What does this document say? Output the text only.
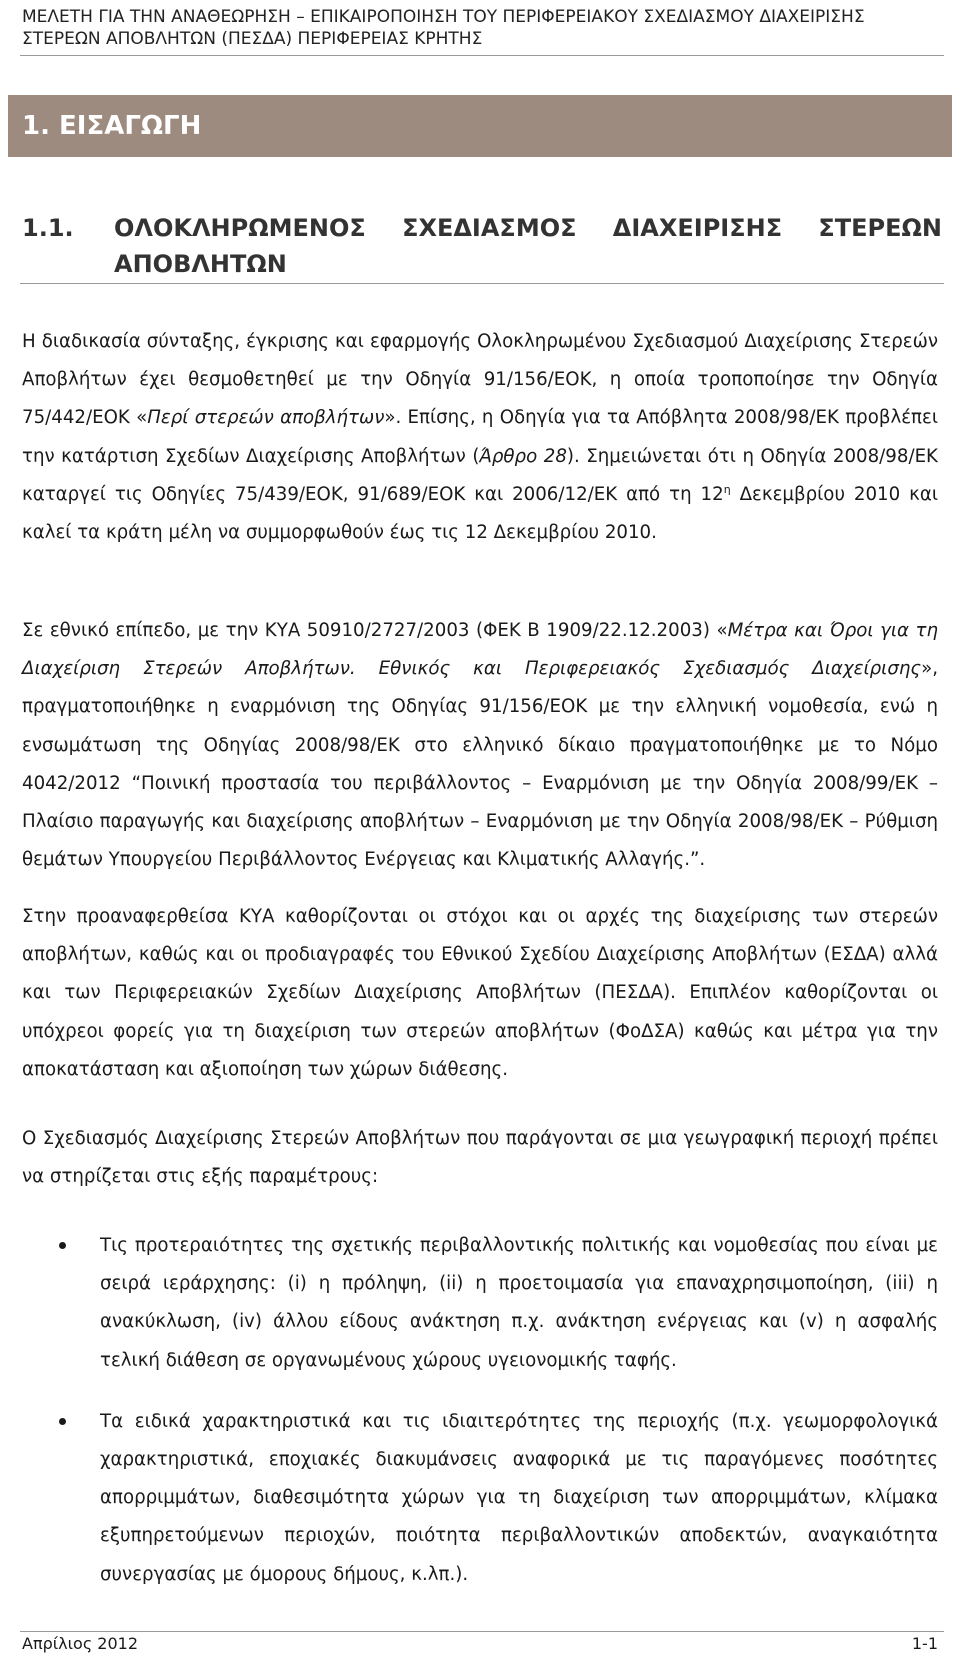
ΜΕΛΕΤΗ ΓΙΑ ΤΗΝ ΑΝΑΘΕΩΡΗΣΗ – ΕΠΙΚΑΙΡΟΠΟΙΗΣΗ ΤΟΥ ΠΕΡΙΦΕΡΕΙΑΚΟΥ ΣΧΕΔΙΑΣΜΟΥ ΔΙΑΧΕΙΡΙΣΗΣ ΣΤΕΡΕΩΝ ΑΠΟΒΛΗΤΩΝ (ΠΕΣΔΑ) ΠΕΡΙΦΕΡΕΙΑΣ ΚΡΗΤΗΣ
1. ΕΙΣΑΓΩΓΗ
1.1. ΟΛΟΚΛΗΡΩΜΕΝΟΣ ΣΧΕΔΙΑΣΜΟΣ ΔΙΑΧΕΙΡΙΣΗΣ ΣΤΕΡΕΩΝ
ΑΠΟΒΛΗΤΩΝ

Η διαδικασία σύνταξης, έγκρισης και εφαρμογής Ολοκληρωμένου Σχεδιασμού Διαχείρισης Στερεών Αποβλήτων έχει θεσμοθετηθεί με την Οδηγία 91/156/ΕΟΚ, η οποία τροποποίησε την Οδηγία 75/442/ΕΟΚ «Περί στερεών αποβλήτων». Επίσης, η Οδηγία για τα Απόβλητα 2008/98/ΕΚ προβλέπει την κατάρτιση Σχεδίων Διαχείρισης Αποβλήτων (Άρθρο 28). Σημειώνεται ότι η Οδηγία 2008/98/ΕΚ καταργεί τις Οδηγίες 75/439/ΕΟΚ, 91/689/ΕΟΚ και 2006/12/ΕΚ από τη $12^\eta$ Δεκεμβρίου 2010 και καλεί τα κράτη μέλη να συμμορφωθούν έως τις 12 Δεκεμβρίου 2010.

Σε εθνικό επίπεδο, με την ΚΥΑ 50910/2727/2003 (ΦΕΚ Β 1909/22.12.2003) «Μέτρα και Όροι για τη Διαχείριση Στερεών Αποβλήτων. Εθνικός και Περιφερειακός Σχεδιασμός Διαχείρισης», πραγματοποιήθηκε η εναρμόνιση της Οδηγίας 91/156/ΕΟΚ με την ελληνική νομοθεσία, ενώ η ενσωμάτωση της Οδηγίας 2008/98/ΕΚ στο ελληνικό δίκαιο πραγματοποιήθηκε με το Νόμο 4042/2012 “Ποινική προστασία του περιβάλλοντος – Εναρμόνιση με την Οδηγία 2008/99/ΕΚ – Πλαίσιο παραγωγής και διαχείρισης αποβλήτων – Εναρμόνιση με την Οδηγία 2008/98/ΕΚ – Ρύθμιση θεμάτων Υπουργείου Περιβάλλοντος Ενέργειας και Κλιματικής Αλλαγής.”.

Στην προαναφερθείσα ΚΥΑ καθορίζονται οι στόχοι και οι αρχές της διαχείρισης των στερεών αποβλήτων, καθώς και οι προδιαγραφές του Εθνικού Σχεδίου Διαχείρισης Αποβλήτων (ΕΣΔΑ) αλλά και των Περιφερειακών Σχεδίων Διαχείρισης Αποβλήτων (ΠΕΣΔΑ). Επιπλέον καθορίζονται οι υπόχρεοι φορείς για τη διαχείριση των στερεών αποβλήτων (ΦοΔΣΑ) καθώς και μέτρα για την αποκατάσταση και αξιοποίηση των χώρων διάθεσης.

Ο Σχεδιασμός Διαχείρισης Στερεών Αποβλήτων που παράγονται σε μια γεωγραφική περιοχή πρέπει να στηρίζεται στις εξής παραμέτρους:

Τις προτεραιότητες της σχετικής περιβαλλοντικής πολιτικής και νομοθεσίας που είναι με σειρά ιεράρχησης: (i) η πρόληψη, (ii) η προετοιμασία για επαναχρησιμοποίηση, (iii) η ανακύκλωση, (iv) άλλου είδους ανάκτηση π.χ. ανάκτηση ενέργειας και (v) η ασφαλής τελική διάθεση σε οργανωμένους χώρους υγειονομικής ταφής.
Τα ειδικά χαρακτηριστικά και τις ιδιαιτερότητες της περιοχής (π.χ. γεωμορφολογικά χαρακτηριστικά, εποχιακές διακυμάνσεις αναφορικά με τις παραγόμενες ποσότητες απορριμμάτων, διαθεσιμότητα χώρων για τη διαχείριση των απορριμμάτων, κλίμακα εξυπηρετούμενων περιοχών, ποιότητα περιβαλλοντικών αποδεκτών, αναγκαιότητα συνεργασίας με όμορους δήμους, κ.λπ.).
Απρίλιος 2012	1-1
